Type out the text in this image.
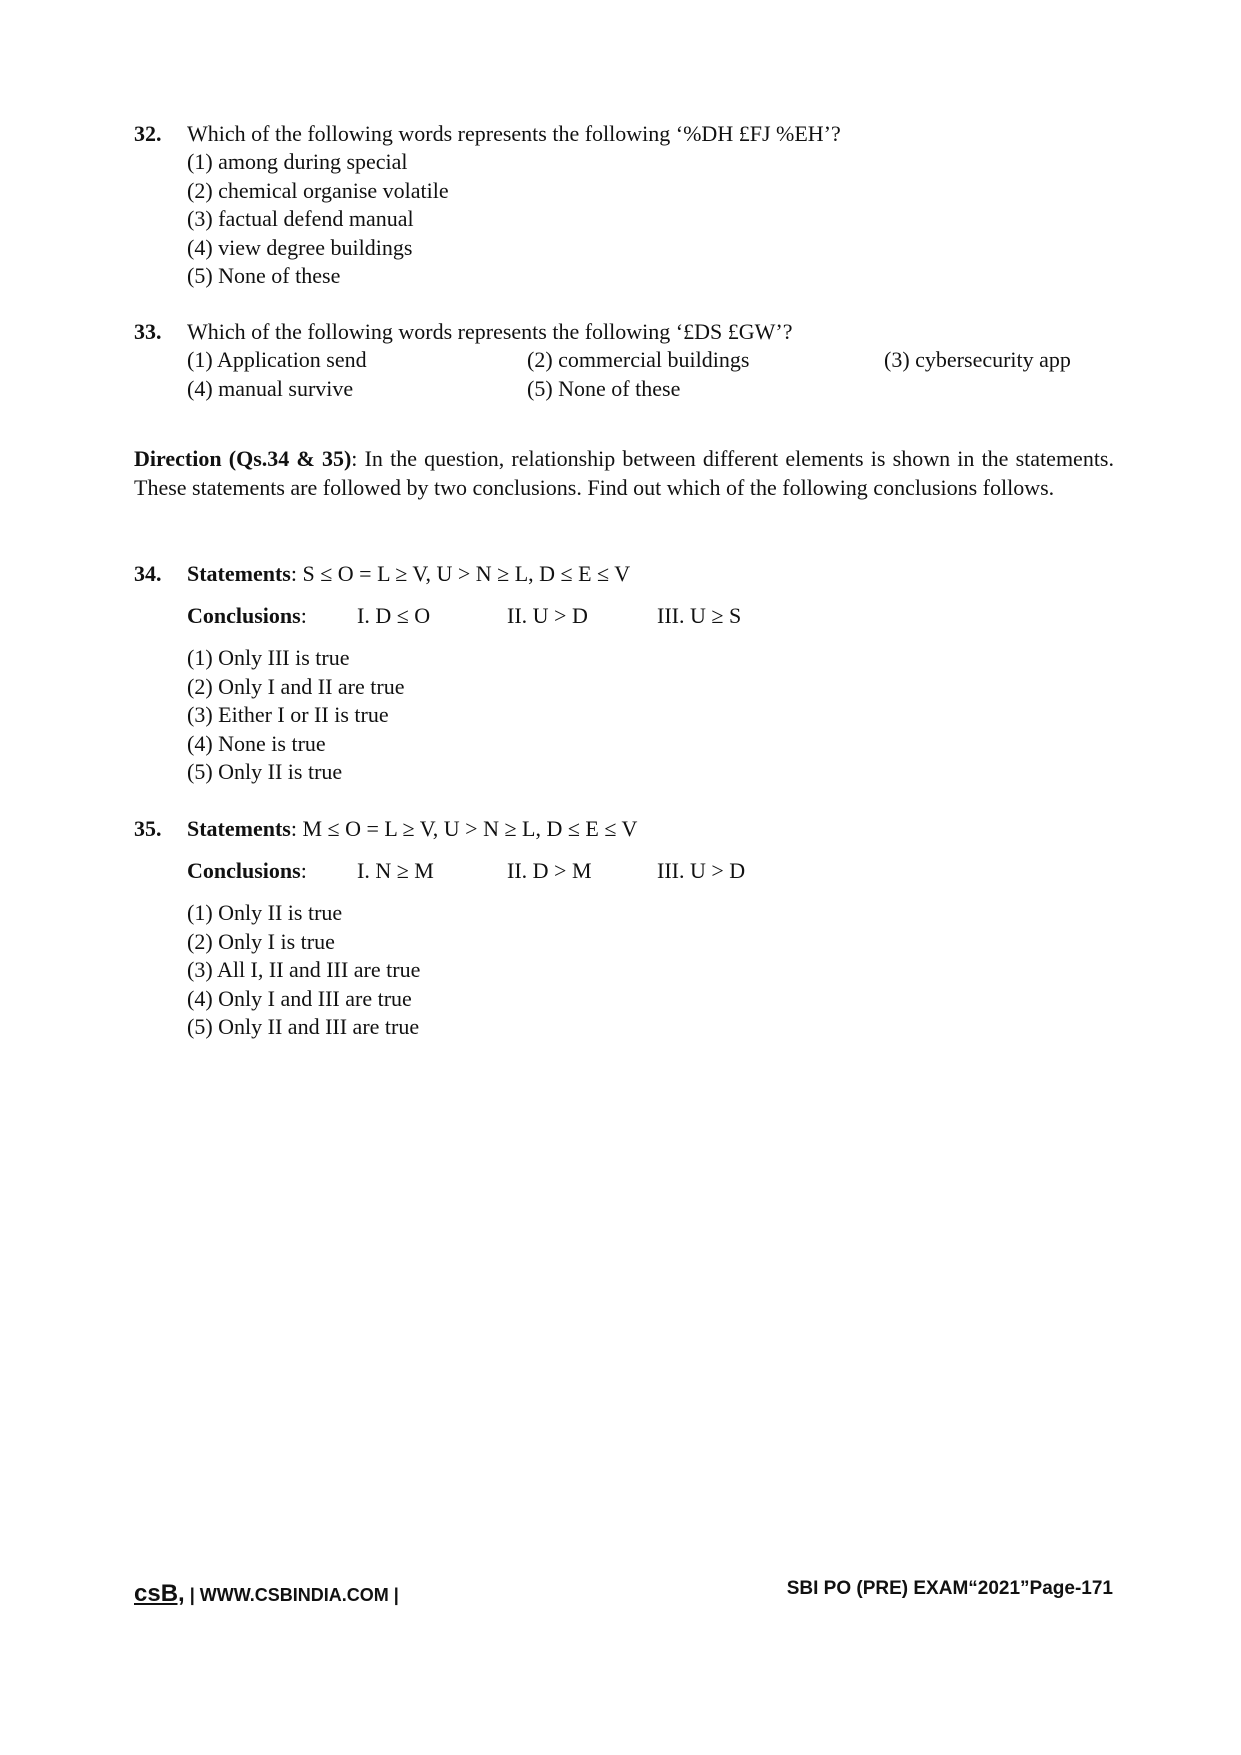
32.	Which of the following words represents the following ‘%DH £FJ %EH’?
(1) among during special
(2) chemical organise volatile
(3) factual defend manual
(4) view degree buildings
(5) None of these
33.	Which of the following words represents the following ‘£DS £GW’?
(1) Application send	(2) commercial buildings	(3) cybersecurity app
(4) manual survive	(5) None of these
Direction (Qs.34 & 35): In the question, relationship between different elements is shown in the statements. These statements are followed by two conclusions. Find out which of the following conclusions follows.
34.	Statements: S ≤ O = L ≥ V, U > N ≥ L, D ≤ E ≤ V
Conclusions:	I. D ≤ O	II. U > D	III. U ≥ S
(1) Only III is true
(2) Only I and II are true
(3) Either I or II is true
(4) None is true
(5) Only II is true
35.	Statements: M ≤ O = L ≥ V, U > N ≥ L, D ≤ E ≤ V
Conclusions:	I. N ≥ M	II. D > M	III. U > D
(1) Only II is true
(2) Only I is true
(3) All I, II and III are true
(4) Only I and III are true
(5) Only II and III are true
csB, | WWW.CSBINDIA.COM |	SBI PO (PRE) EXAM“2021”Page-171
